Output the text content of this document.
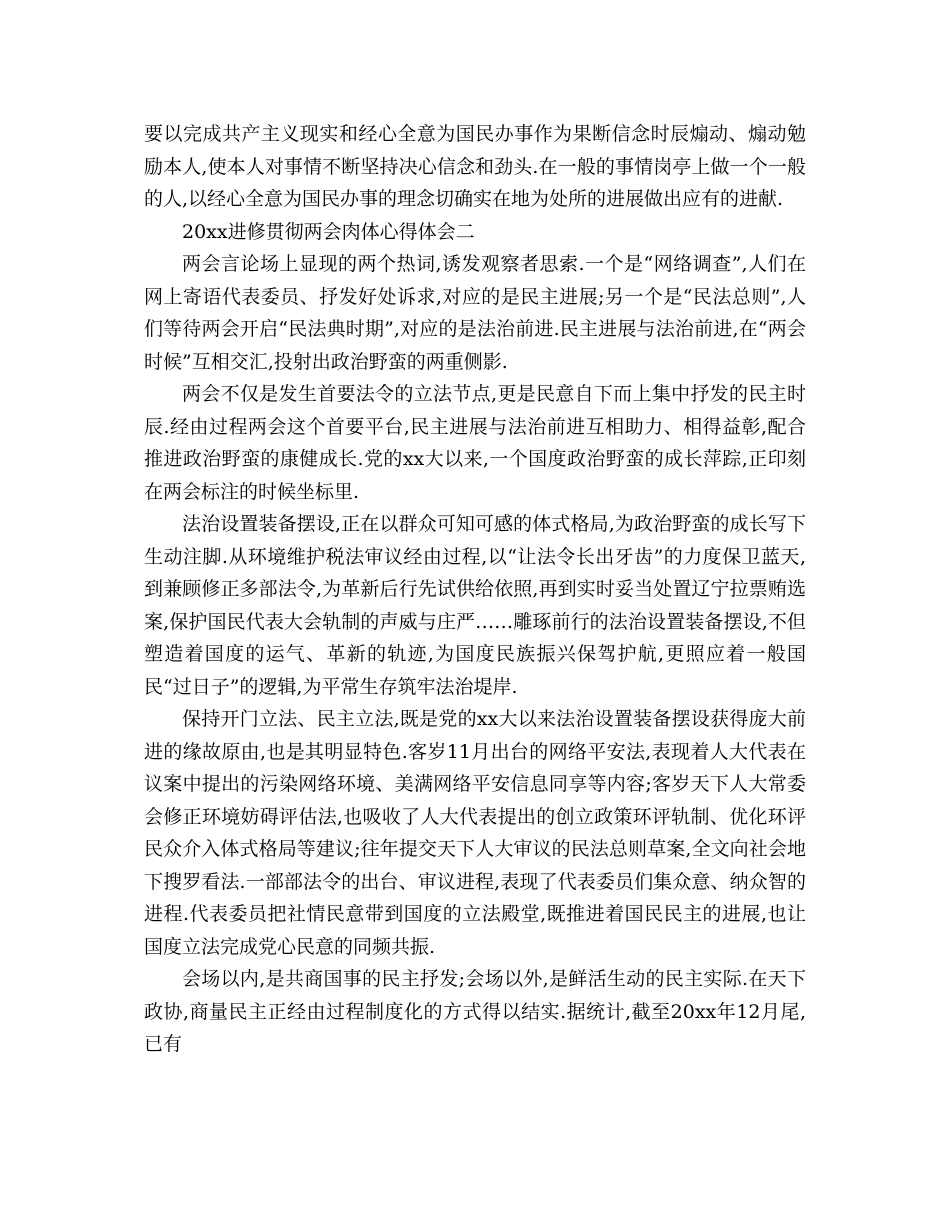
要以完成共产主义现实和经心全意为国民办事作为果断信念时辰煽动、煽动勉励本人,使本人对事情不断坚持决心信念和劲头.在一般的事情岗亭上做一个一般的人,以经心全意为国民办事的理念切确实在地为处所的进展做出应有的进献.

20xx进修贯彻两会肉体心得体会二

两会言论场上显现的两个热词,诱发观察者思索.一个是“网络调查”,人们在网上寄语代表委员、抒发好处诉求,对应的是民主进展;另一个是“民法总则”,人们等待两会开启“民法典时期”,对应的是法治前进.民主进展与法治前进,在“两会时候”互相交汇,投射出政治野蛮的两重侧影.

两会不仅是发生首要法令的立法节点,更是民意自下而上集中抒发的民主时辰.经由过程两会这个首要平台,民主进展与法治前进互相助力、相得益彰,配合推进政治野蛮的康健成长.党的xx大以来,一个国度政治野蛮的成长萍踪,正印刻在两会标注的时候坐标里.

法治设置装备摆设,正在以群众可知可感的体式格局,为政治野蛮的成长写下生动注脚.从环境维护税法审议经由过程,以“让法令长出牙齿”的力度保卫蓝天,到兼顾修正多部法令,为革新后行先试供给依照,再到实时妥当处置辽宁拉票贿选案,保护国民代表大会轨制的声威与庄严……雕琢前行的法治设置装备摆设,不但塑造着国度的运气、革新的轨迹,为国度民族振兴保驾护航,更照应着一般国民“过日子”的逻辑,为平常生存筑牢法治堤岸.

保持开门立法、民主立法,既是党的xx大以来法治设置装备摆设获得庞大前进的缘故原由,也是其明显特色.客岁11月出台的网络平安法,表现着人大代表在议案中提出的污染网络环境、美满网络平安信息同享等内容;客岁天下人大常委会修正环境妨碍评估法,也吸收了人大代表提出的创立政策环评轨制、优化环评民众介入体式格局等建议;往年提交天下人大审议的民法总则草案,全文向社会地下搜罗看法.一部部法令的出台、审议进程,表现了代表委员们集众意、纳众智的进程.代表委员把社情民意带到国度的立法殿堂,既推进着国民民主的进展,也让国度立法完成党心民意的同频共振.

会场以内,是共商国事的民主抒发;会场以外,是鲜活生动的民主实际.在天下政协,商量民主正经由过程制度化的方式得以结实.据统计,截至20xx年12月尾,已有
